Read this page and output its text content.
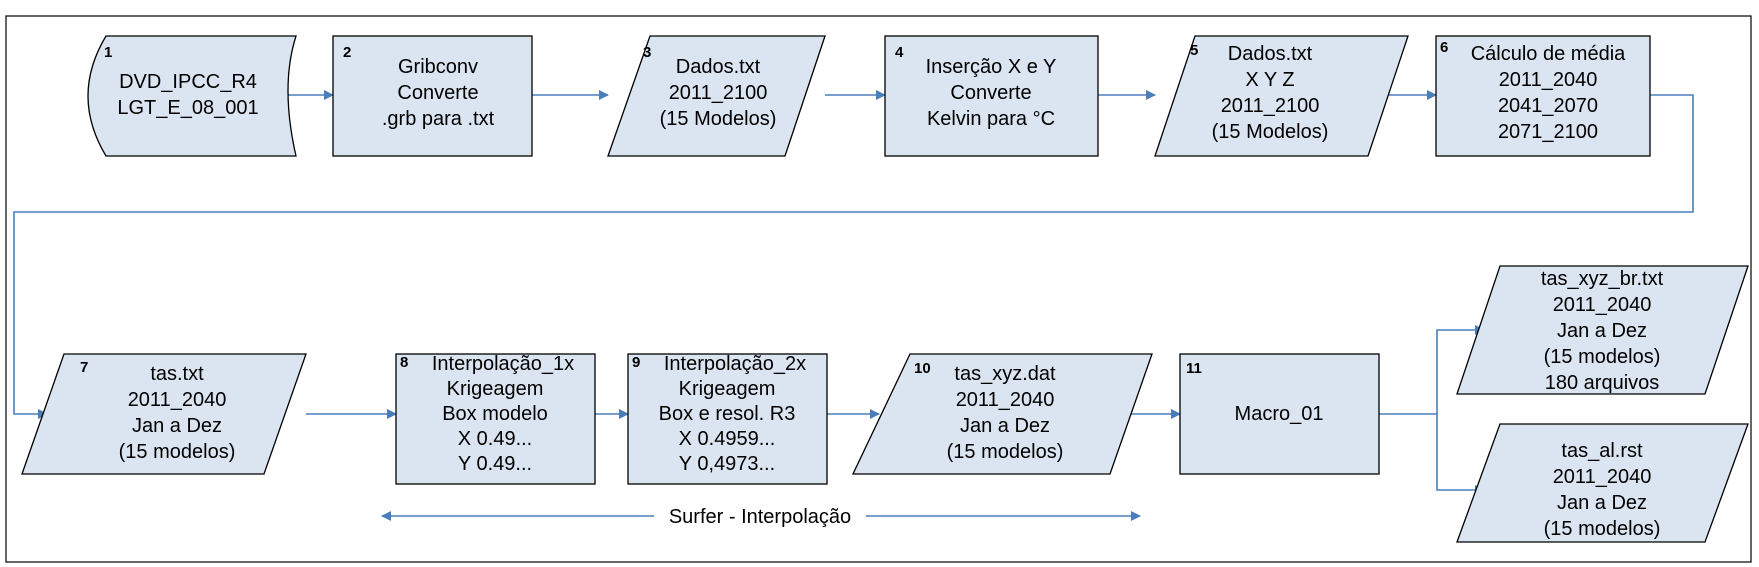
Surfer - Interpolação
1	2	3	4	5	6
7	8	9	10	11
DVD_IPCC_R4
LGT_E_08_001
Gribconv
Converte
.grb para .txt
Dados.txt
2011_2100
(15 Modelos)
Inserção X e Y
Converte
Kelvin para °C
Dados.txt
X Y Z
2011_2100
(15 Modelos)
Cálculo de média
2011_2040
2041_2070
2071_2100
tas.txt
2011_2040
Jan a Dez
(15 modelos)
Interpolação_1x
Krigeagem
Box modelo
X 0.49...
Y 0.49...
Interpolação_2x
Krigeagem
Box e resol. R3
X 0.4959...
Y 0,4973...
tas_xyz.dat
2011_2040
Jan a Dez
(15 modelos)
Macro_01
tas_xyz_br.txt
2011_2040
Jan a Dez
(15 modelos)
180 arquivos
tas_al.rst
2011_2040
Jan a Dez
(15 modelos)
